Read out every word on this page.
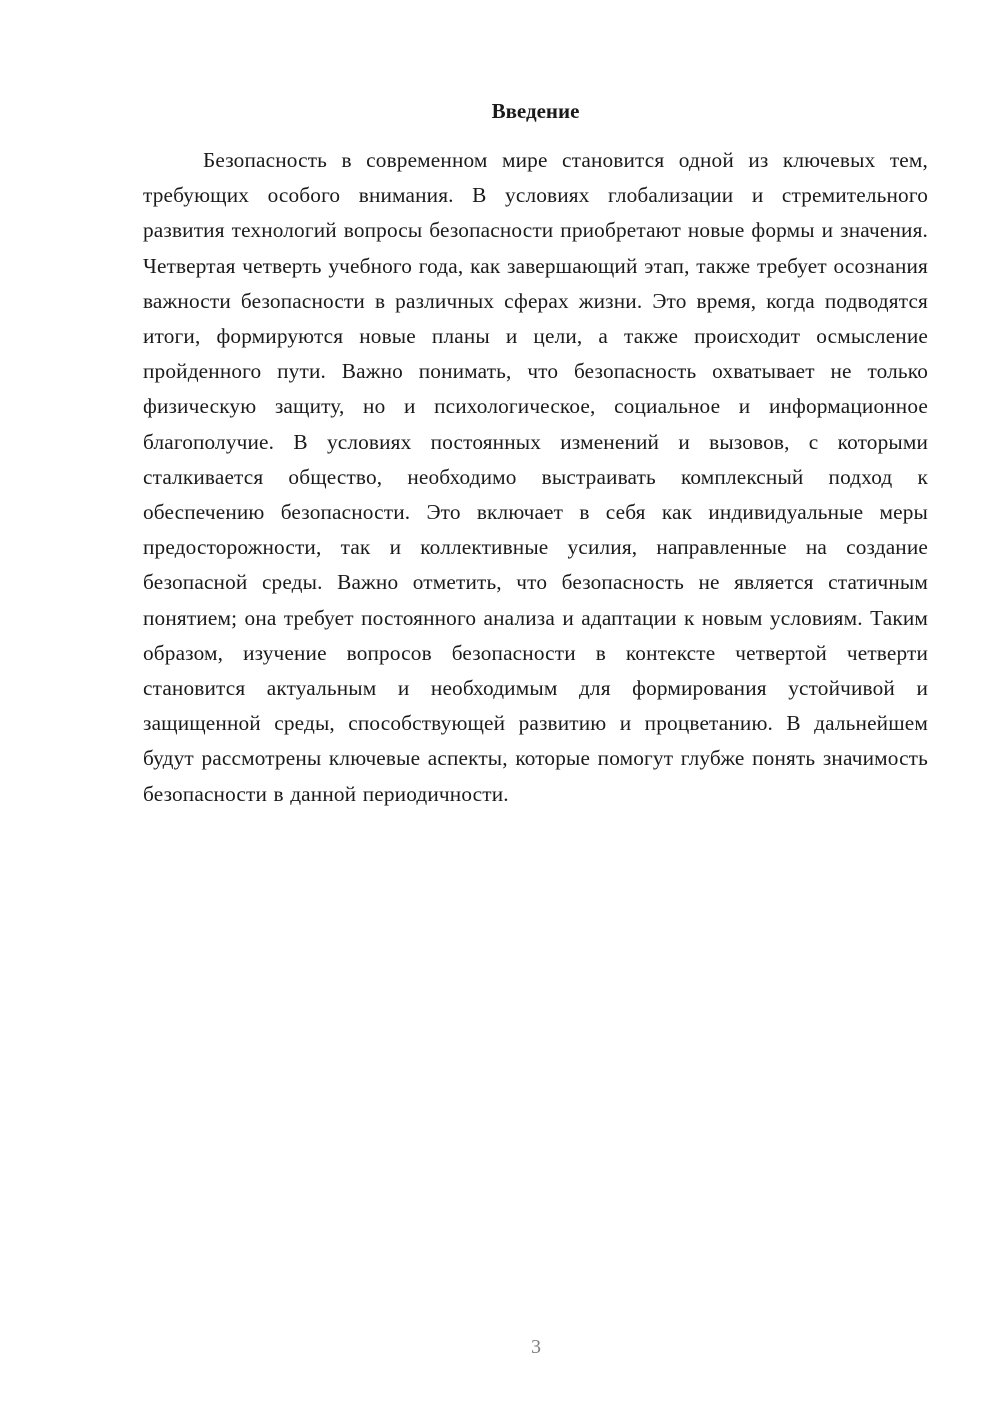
Введение

Безопасность в современном мире становится одной из ключевых тем, требующих особого внимания. В условиях глобализации и стремительного развития технологий вопросы безопасности приобретают новые формы и значения. Четвертая четверть учебного года, как завершающий этап, также требует осознания важности безопасности в различных сферах жизни. Это время, когда подводятся итоги, формируются новые планы и цели, а также происходит осмысление пройденного пути. Важно понимать, что безопасность охватывает не только физическую защиту, но и психологическое, социальное и информационное благополучие. В условиях постоянных изменений и вызовов, с которыми сталкивается общество, необходимо выстраивать комплексный подход к обеспечению безопасности. Это включает в себя как индивидуальные меры предосторожности, так и коллективные усилия, направленные на создание безопасной среды. Важно отметить, что безопасность не является статичным понятием; она требует постоянного анализа и адаптации к новым условиям. Таким образом, изучение вопросов безопасности в контексте четвертой четверти становится актуальным и необходимым для формирования устойчивой и защищенной среды, способствующей развитию и процветанию. В дальнейшем будут рассмотрены ключевые аспекты, которые помогут глубже понять значимость безопасности в данной периодичности.

3
